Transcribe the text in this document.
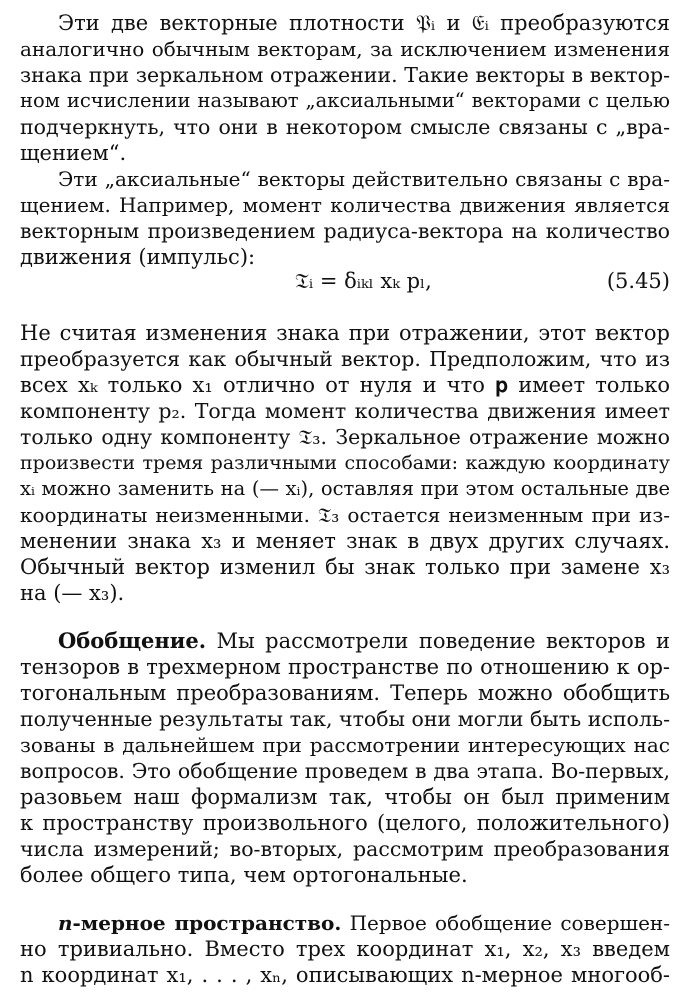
Эти две векторные плотности 𝔓ᵢ и 𝔈ᵢ преобразуются
аналогично обычным векторам, за исключением изменения
знака при зеркальном отражении. Такие векторы в вектор-
ном исчислении называют „аксиальными“ векторами с целью
подчеркнуть, что они в некотором смысле связаны с „вра-
щением“.
Эти „аксиальные“ векторы действительно связаны с вра-
щением. Например, момент количества движения является
векторным произведением радиуса-вектора на количество
движения (импульс):
𝔗ᵢ = δᵢₖₗ xₖ pₗ,	(5.45)
Не считая изменения знака при отражении, этот вектор
преобразуется как обычный вектор. Предположим, что из
всех xₖ только x₁ отлично от нуля и что 𝐩 имеет только
компоненту p₂. Тогда момент количества движения имеет
только одну компоненту 𝔗₃. Зеркальное отражение можно
произвести тремя различными способами: каждую координату
xᵢ можно заменить на (— xᵢ), оставляя при этом остальные две
координаты неизменными. 𝔗₃ остается неизменным при из-
менении знака x₃ и меняет знак в двух других случаях.
Обычный вектор изменил бы знак только при замене x₃
на (— x₃).
Обобщение. Мы рассмотрели поведение векторов и
тензоров в трехмерном пространстве по отношению к ор-
тогональным преобразованиям. Теперь можно обобщить
полученные результаты так, чтобы они могли быть исполь-
зованы в дальнейшем при рассмотрении интересующих нас
вопросов. Это обобщение проведем в два этапа. Во-первых,
разовьем наш формализм так, чтобы он был применим
к пространству произвольного (целого, положительного)
числа измерений; во-вторых, рассмотрим преобразования
более общего типа, чем ортогональные.
n-мерное пространство. Первое обобщение совершен-
но тривиально. Вместо трех координат x₁, x₂, x₃ введем
n координат x₁, . . . , xₙ, описывающих n-мерное многооб-
